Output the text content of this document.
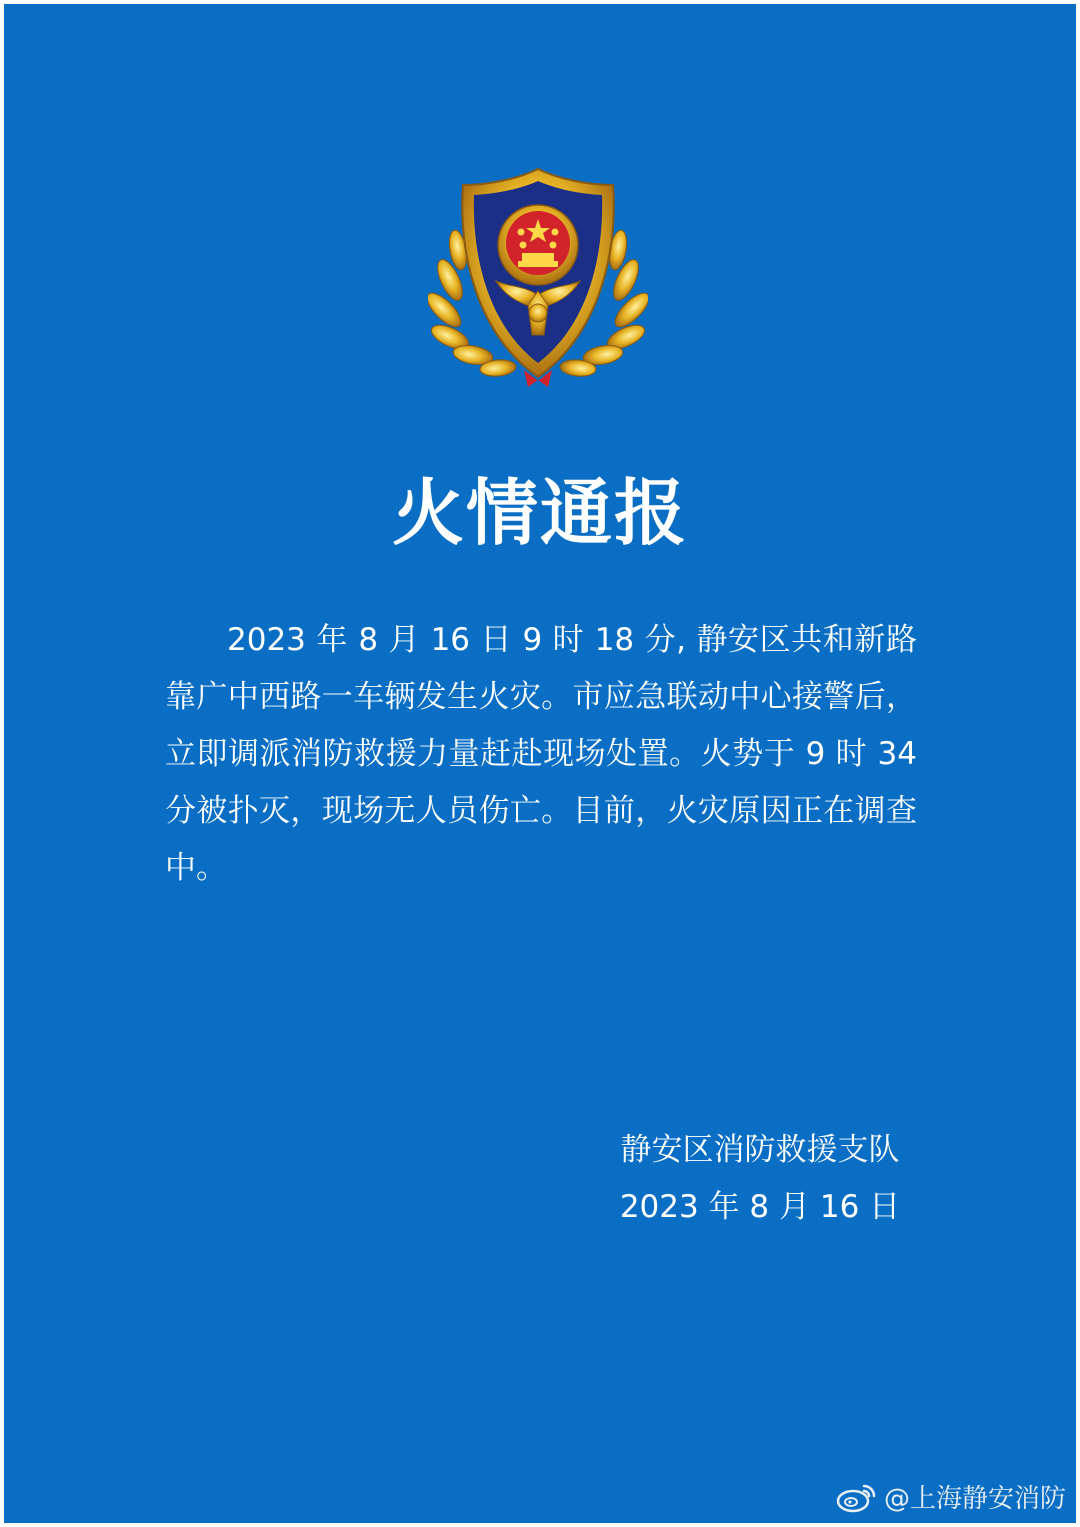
火情通报

2023 年 8 月 16 日 9 时 18 分, 静安区共和新路靠广中西路一车辆发生火灾。市应急联动中心接警后，立即调派消防救援力量赶赴现场处置。火势于 9 时 34 分被扑灭，现场无人员伤亡。目前，火灾原因正在调查中。

静安区消防救援支队
2023 年 8 月 16 日
@上海静安消防
